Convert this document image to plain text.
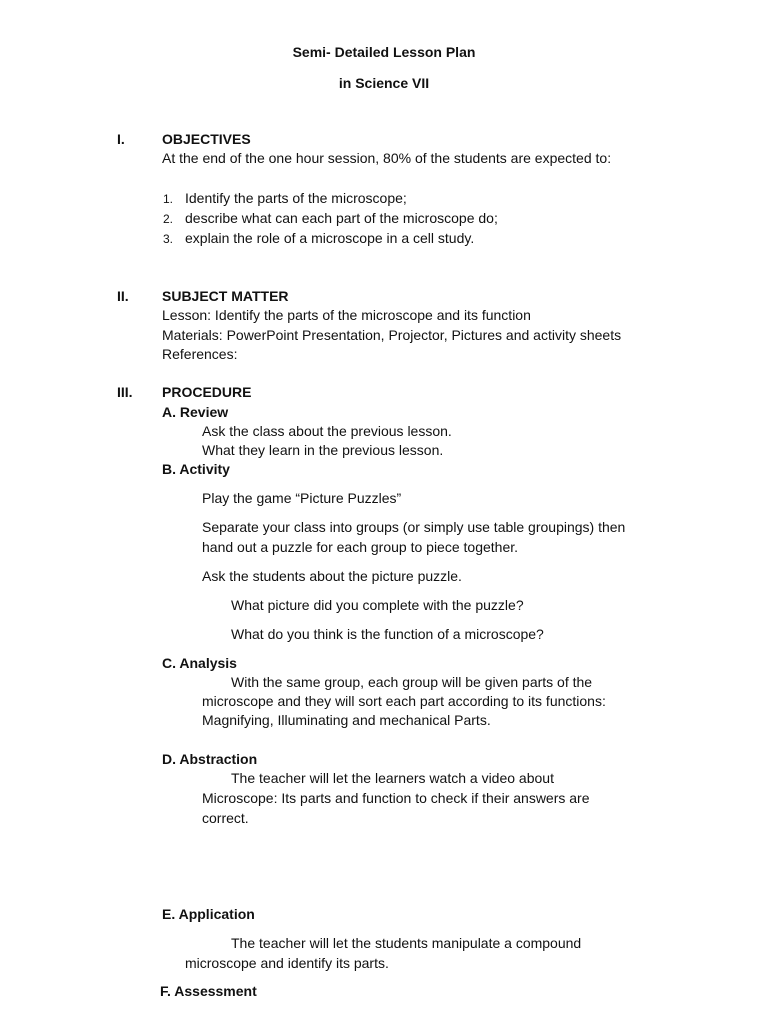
Semi- Detailed Lesson Plan
in Science VII
I.	OBJECTIVES
At the end of the one hour session, 80% of the students are expected to:
1. Identify the parts of the microscope;
2. describe what can each part of the microscope do;
3. explain the role of a microscope in a cell study.
II. SUBJECT MATTER
Lesson: Identify the parts of the microscope and its function
Materials: PowerPoint Presentation, Projector, Pictures and activity sheets
References:
III. PROCEDURE
A. Review
Ask the class about the previous lesson.
What they learn in the previous lesson.
B. Activity
Play the game “Picture Puzzles”
Separate your class into groups (or simply use table groupings) then
hand out a puzzle for each group to piece together.
Ask the students about the picture puzzle.
What picture did you complete with the puzzle?
What do you think is the function of a microscope?
C. Analysis
With the same group, each group will be given parts of the
microscope and they will sort each part according to its functions:
Magnifying, Illuminating and mechanical Parts.
D. Abstraction
The teacher will let the learners watch a video about
Microscope: Its parts and function to check if their answers are
correct.
E. Application
The teacher will let the students manipulate a compound
microscope and identify its parts.
F. Assessment
